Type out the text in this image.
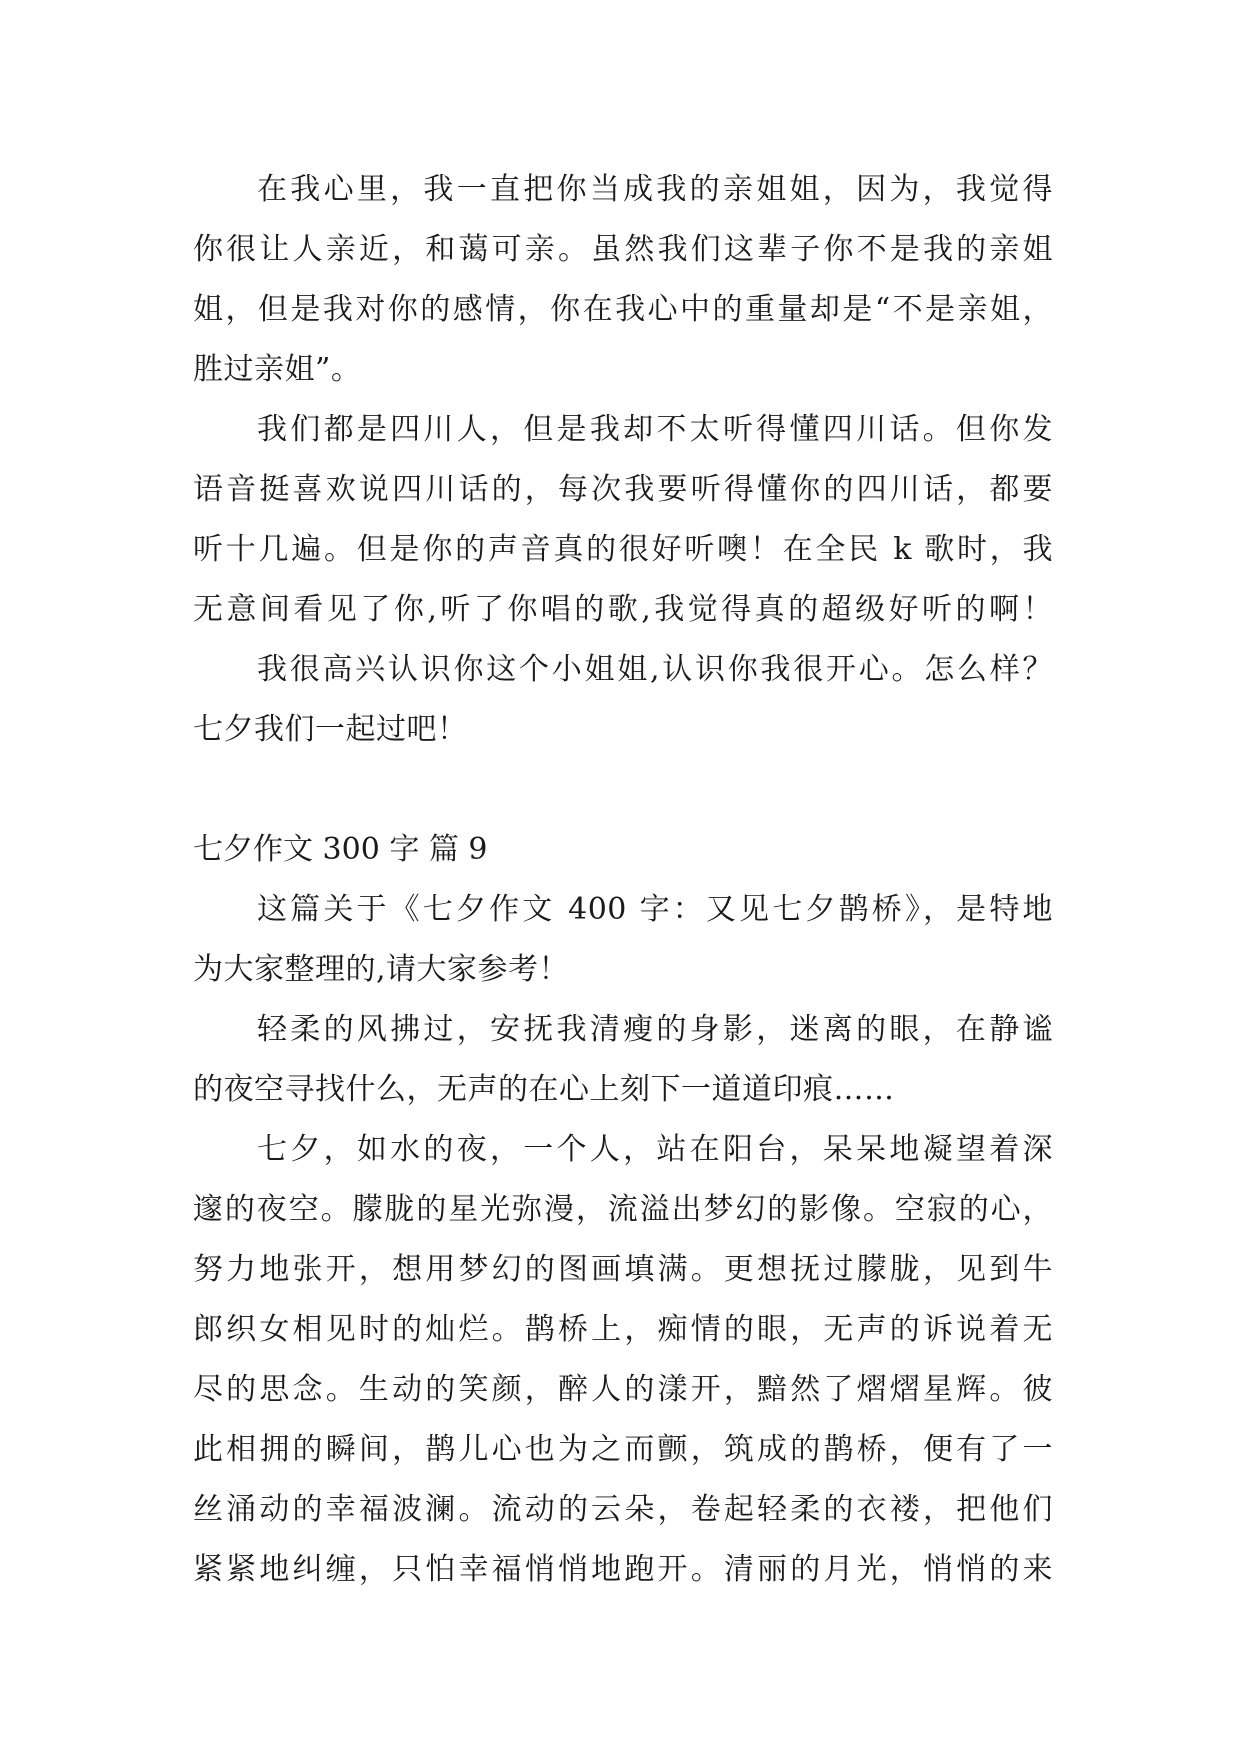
在我心里，我一直把你当成我的亲姐姐，因为，我觉得
你很让人亲近，和蔼可亲。虽然我们这辈子你不是我的亲姐
姐，但是我对你的感情，你在我心中的重量却是“不是亲姐，
胜过亲姐”。
我们都是四川人，但是我却不太听得懂四川话。但你发
语音挺喜欢说四川话的，每次我要听得懂你的四川话，都要
听十几遍。但是你的声音真的很好听噢！在全民 k 歌时，我
无意间看见了你,听了你唱的歌,我觉得真的超级好听的啊！
我很高兴认识你这个小姐姐,认识你我很开心。怎么样？
七夕我们一起过吧！
七夕作文 300 字 篇 9
这篇关于《七夕作文 400 字：又见七夕鹊桥》，是特地
为大家整理的,请大家参考！
轻柔的风拂过，安抚我清瘦的身影，迷离的眼，在静谧
的夜空寻找什么，无声的在心上刻下一道道印痕……
七夕，如水的夜，一个人，站在阳台，呆呆地凝望着深
邃的夜空。朦胧的星光弥漫，流溢出梦幻的影像。空寂的心，
努力地张开，想用梦幻的图画填满。更想抚过朦胧，见到牛
郎织女相见时的灿烂。鹊桥上，痴情的眼，无声的诉说着无
尽的思念。生动的笑颜，醉人的漾开，黯然了熠熠星辉。彼
此相拥的瞬间，鹊儿心也为之而颤，筑成的鹊桥，便有了一
丝涌动的幸福波澜。流动的云朵，卷起轻柔的衣褛，把他们
紧紧地纠缠，只怕幸福悄悄地跑开。清丽的月光，悄悄的来
